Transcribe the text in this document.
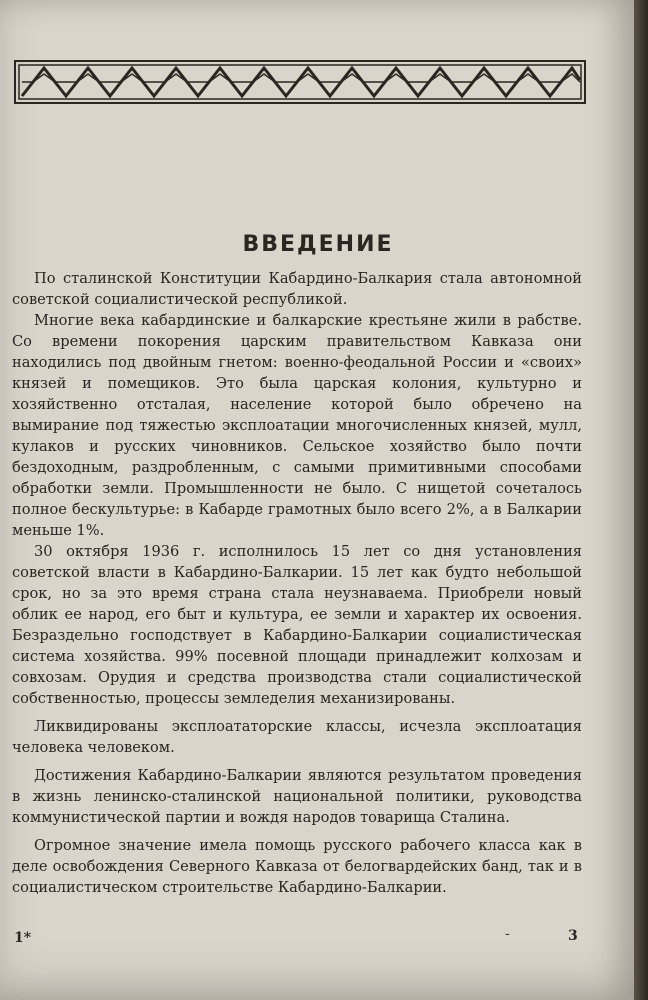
ВВЕДЕНИЕ

По сталинской Конституции Кабардино-Балкария стала автономной советской социалистической республикой.

Многие века кабардинские и балкарские крестьяне жили в рабстве. Со времени покорения царским правительством Кавказа они находились под двойным гнетом: военно-феодальной России и «своих» князей и помещиков. Это была царская колония, культурно и хозяйственно отсталая, население которой было обречено на вымирание под тяжестью эксплоатации многочисленных князей, мулл, кулаков и русских чиновников. Сельское хозяйство было почти бездоходным, раздробленным, с самыми примитивными способами обработки земли. Промышленности не было. С нищетой сочеталось полное бескультурье: в Кабарде грамотных было всего 2%, а в Балкарии меньше 1%.

30 октября 1936 г. исполнилось 15 лет со дня установления советской власти в Кабардино-Балкарии. 15 лет как будто небольшой срок, но за это время страна стала неузнаваема. Приобрели новый облик ее народ, его быт и культура, ее земли и характер их освоения. Безраздельно господствует в Кабардино-Балкарии социалистическая система хозяйства. 99% посевной площади принадлежит колхозам и совхозам. Орудия и средства производства стали социалистической собственностью, процессы земледелия механизированы.

Ликвидированы эксплоататорские классы, исчезла эксплоатация человека человеком.

Достижения Кабардино-Балкарии являются результатом проведения в жизнь ленинско-сталинской национальной политики, руководства коммунистической партии и вождя народов товарища Сталина.

Огромное значение имела помощь русского рабочего класса как в деле освобождения Северного Кавказа от белогвардейских банд, так и в социалистическом строительстве Кабардино-Балкарии.

1*	-	3
